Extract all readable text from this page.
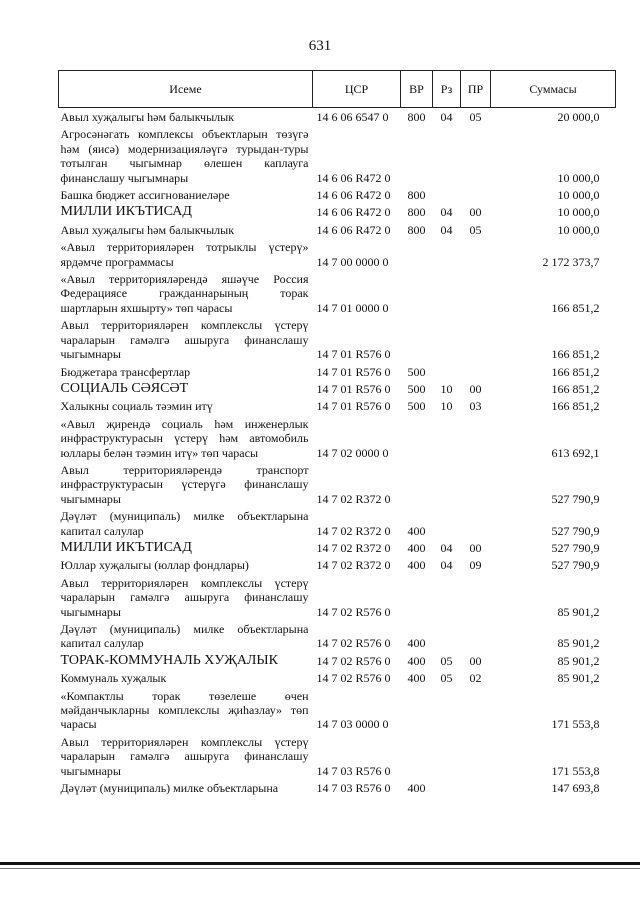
631
Исеме	ЦСР	ВР	Рз	ПР	Суммасы
Авыл хуҗалыгы һәм балыкчылык	14 6 06 6547 0	800	04	05	20 000,0
Агросәнәгать комплексы объектларын төзүгә һәм (яисә) модернизацияләүгә турыдан-туры тотылган чыгымнар өлешен каплауга финанслашу чыгымнары	14 6 06 R472 0				10 000,0
Башка бюджет ассигнованиеләре	14 6 06 R472 0	800			10 000,0
МИЛЛИ ИКЪТИСАД	14 6 06 R472 0	800	04	00	10 000,0
Авыл хуҗалыгы һәм балыкчылык	14 6 06 R472 0	800	04	05	10 000,0
«Авыл территорияләрен тотрыклы үстерү» ярдәмче программасы	14 7 00 0000 0				2 172 373,7
«Авыл территорияләрендә яшәүче Россия Федерациясе гражданнарының торак шартларын яхшырту» төп чарасы	14 7 01 0000 0				166 851,2
Авыл территорияләрен комплекслы үстерү чараларын гамәлгә ашыруга финанслашу чыгымнары	14 7 01 R576 0				166 851,2
Бюджетара трансфертлар	14 7 01 R576 0	500			166 851,2
СОЦИАЛЬ СӘЯСӘТ	14 7 01 R576 0	500	10	00	166 851,2
Халыкны социаль тәэмин итү	14 7 01 R576 0	500	10	03	166 851,2
«Авыл җирендә социаль һәм инженерлык инфраструктурасын үстерү һәм автомобиль юллары белән тәэмин итү» төп чарасы	14 7 02 0000 0				613 692,1
Авыл территорияләрендә транспорт инфраструктурасын үстерүгә финанслашу чыгымнары	14 7 02 R372 0				527 790,9
Дәүләт (муниципаль) милке объектларына капитал салулар	14 7 02 R372 0	400			527 790,9
МИЛЛИ ИКЪТИСАД	14 7 02 R372 0	400	04	00	527 790,9
Юллар хуҗалыгы (юллар фондлары)	14 7 02 R372 0	400	04	09	527 790,9
Авыл территорияләрен комплекслы үстерү чараларын гамәлгә ашыруга финанслашу чыгымнары	14 7 02 R576 0				85 901,2
Дәүләт (муниципаль) милке объектларына капитал салулар	14 7 02 R576 0	400			85 901,2
ТОРАК-КОММУНАЛЬ ХУҖАЛЫК	14 7 02 R576 0	400	05	00	85 901,2
Коммуналь хуҗалык	14 7 02 R576 0	400	05	02	85 901,2
«Компактлы торак төзелеше өчен мәйданчыкларны комплекслы җиһазлау» төп чарасы	14 7 03 0000 0				171 553,8
Авыл территорияләрен комплекслы үстерү чараларын гамәлгә ашыруга финанслашу чыгымнары	14 7 03 R576 0				171 553,8
Дәүләт (муниципаль) милке объектларына	14 7 03 R576 0	400			147 693,8
